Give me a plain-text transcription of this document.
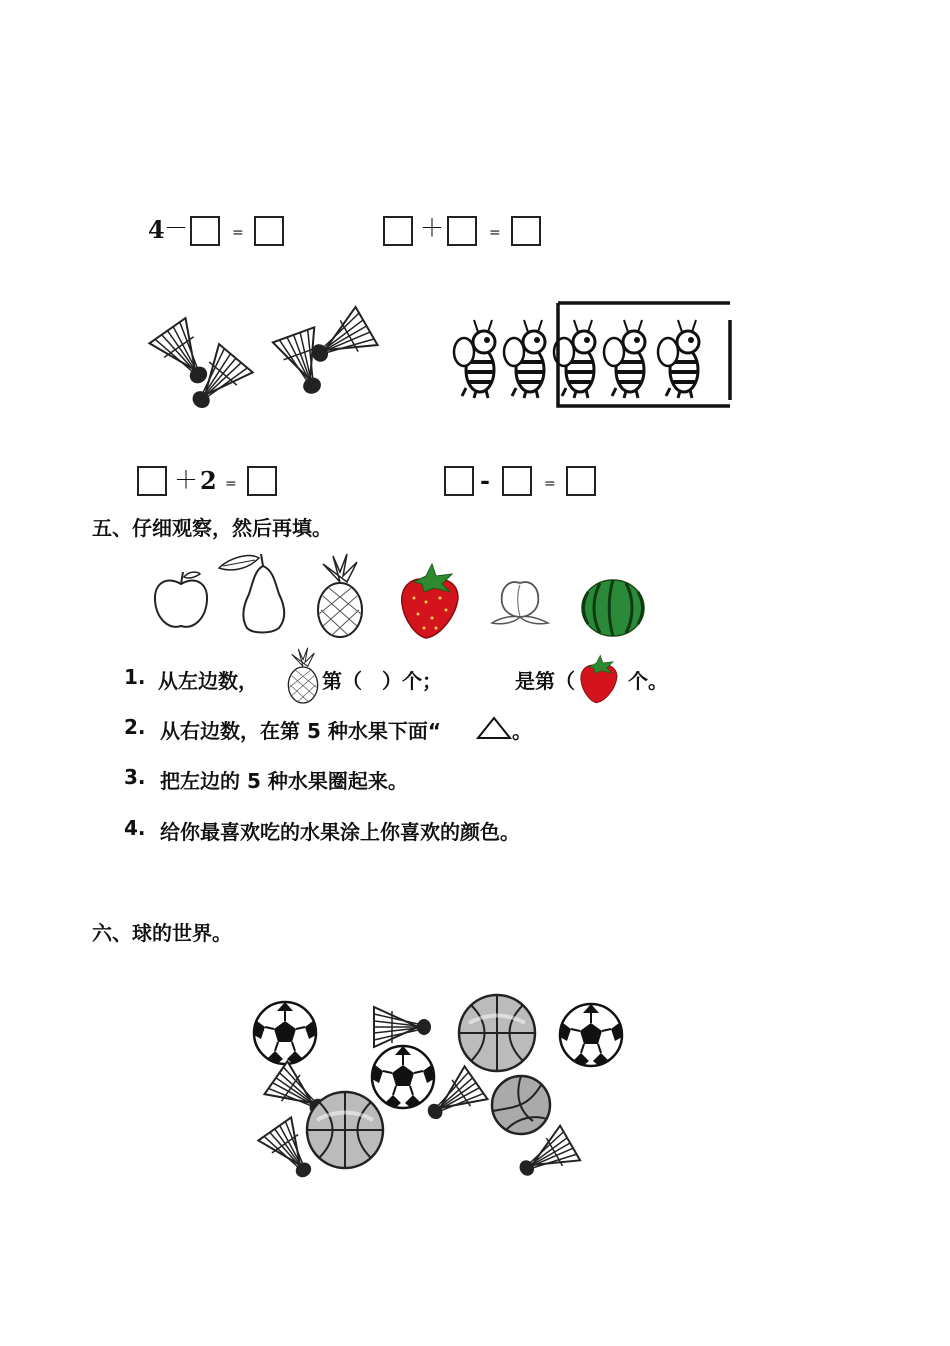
4 －	=	＋	=
＋ 2 =	-	=
五、仔细观察，然后再填。
1. 从左边数，	第（　）个；	是第（	个。
2. 从右边数，在第 5 种水果下面“	。
3. 把左边的 5 种水果圈起来。
4. 给你最喜欢吃的水果涂上你喜欢的颜色。
六、球的世界。
